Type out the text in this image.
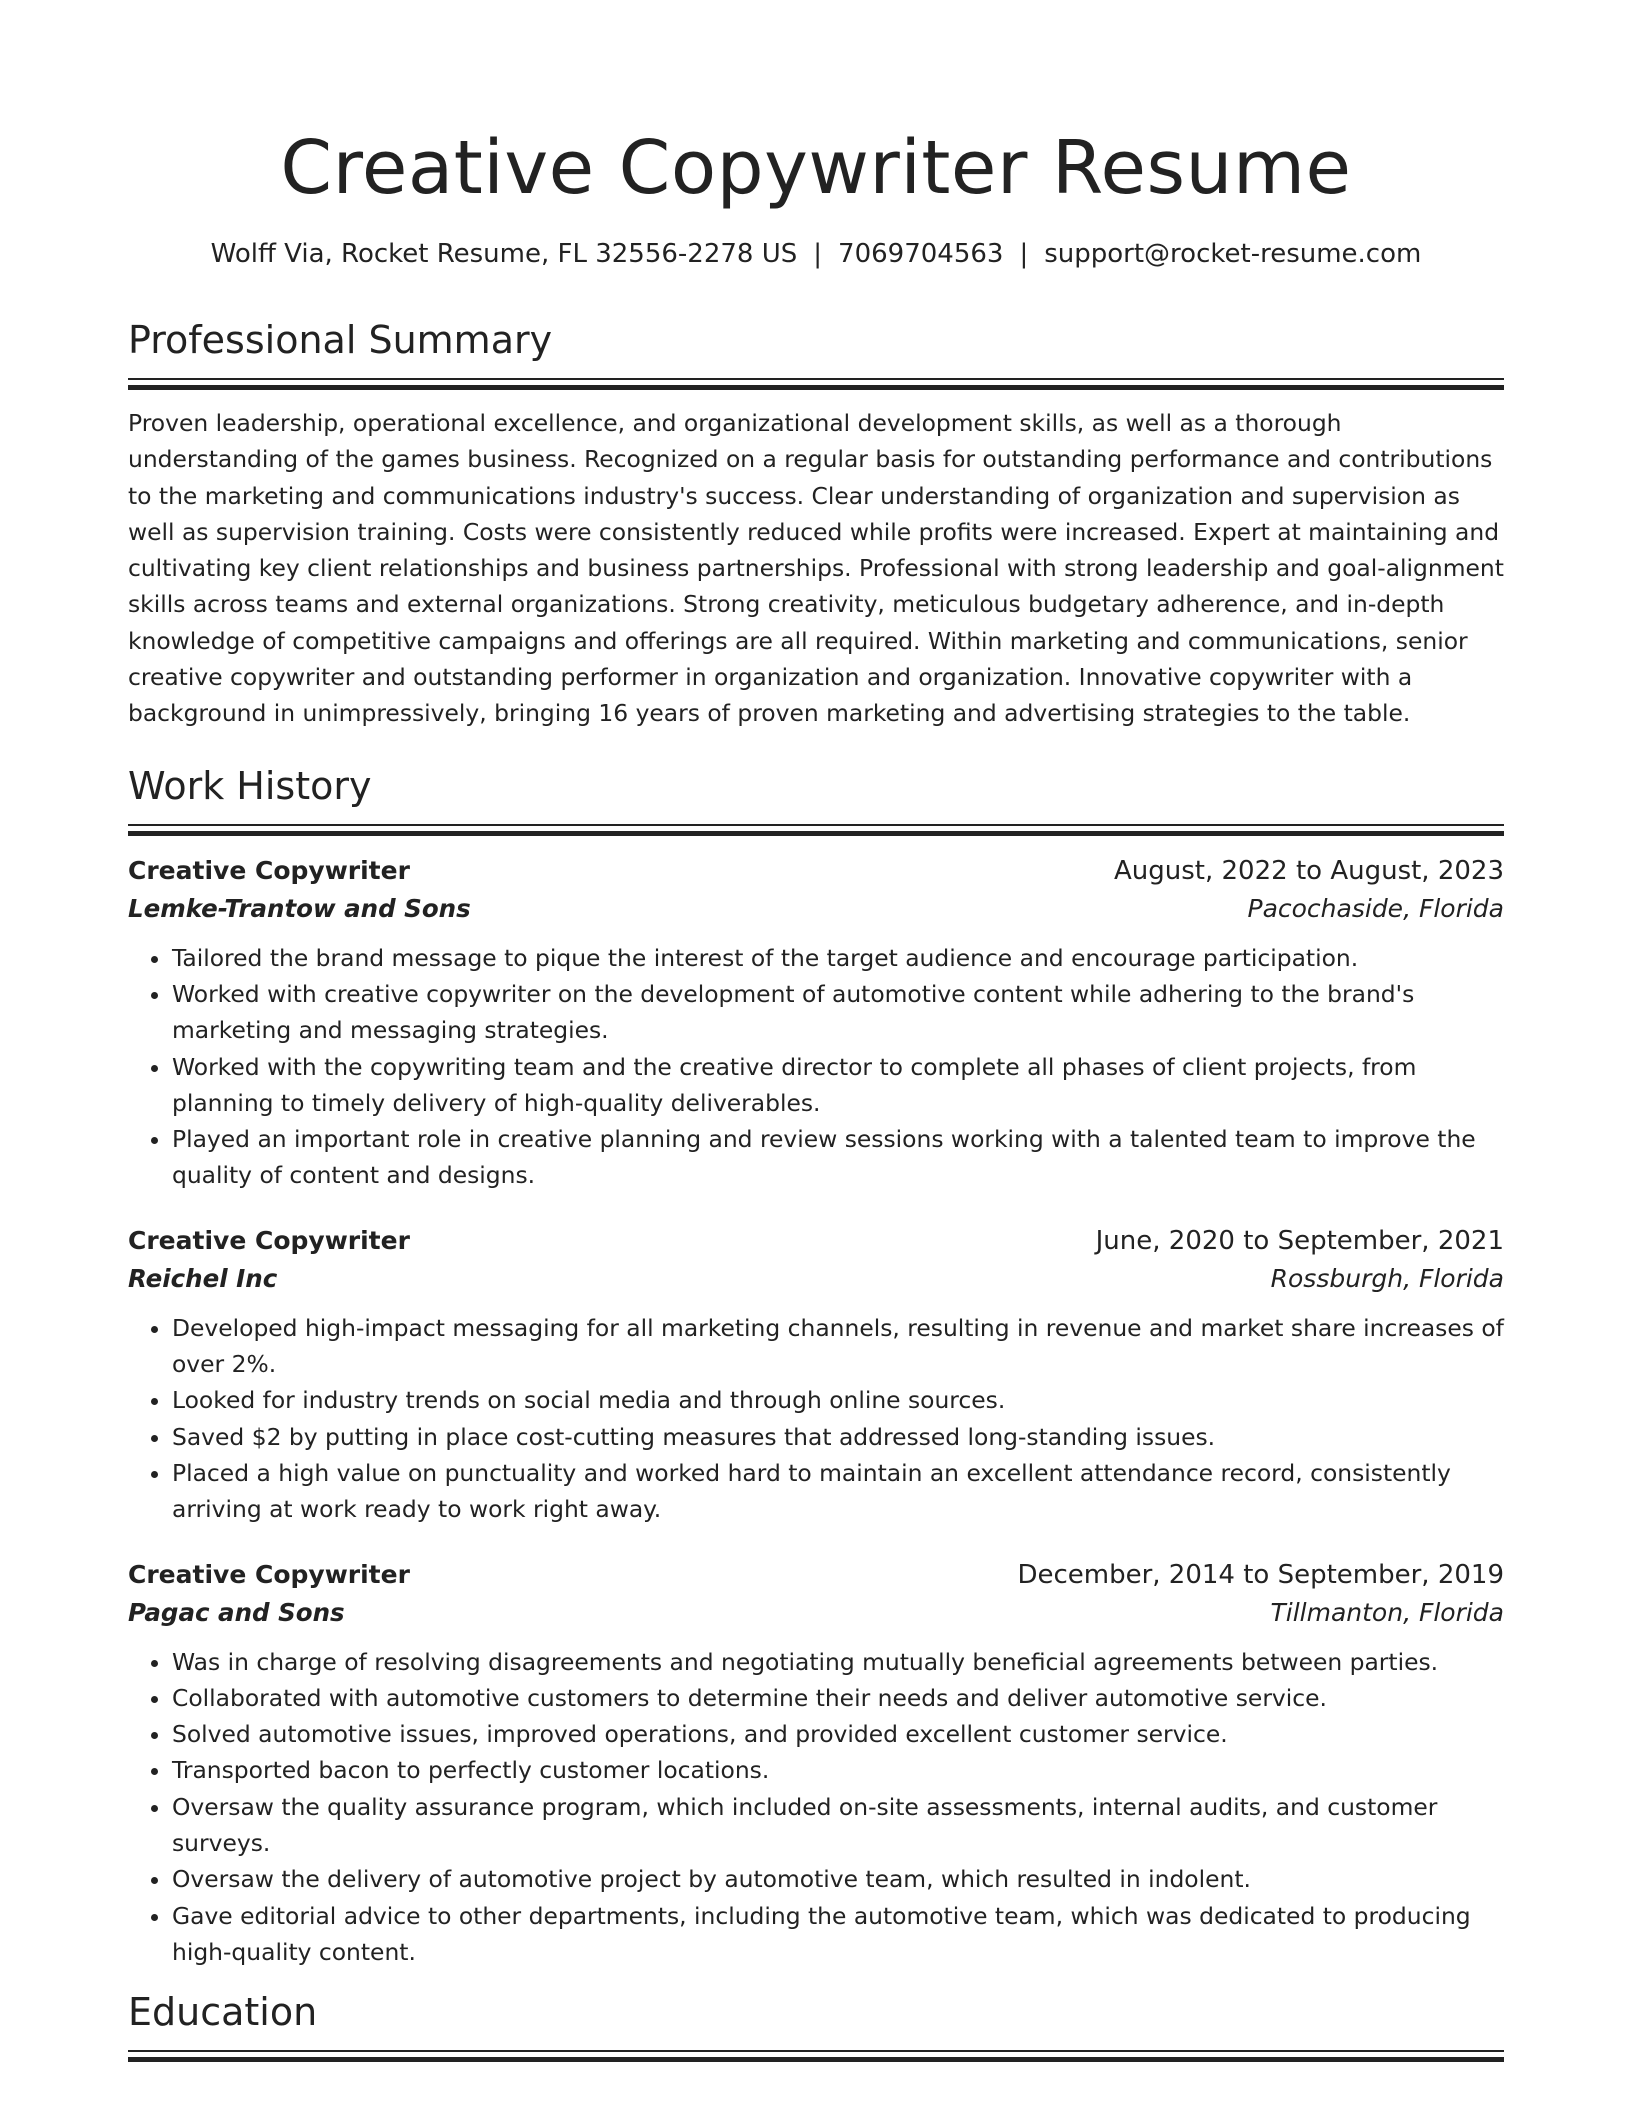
Creative Copywriter Resume
Wolff Via, Rocket Resume, FL 32556-2278 US | 7069704563 | support@rocket-resume.com
Professional Summary

Proven leadership, operational excellence, and organizational development skills, as well as a thorough understanding of the games business. Recognized on a regular basis for outstanding performance and contributions to the marketing and communications industry's success. Clear understanding of organization and supervision as well as supervision training. Costs were consistently reduced while profits were increased. Expert at maintaining and cultivating key client relationships and business partnerships. Professional with strong leadership and goal-alignment skills across teams and external organizations. Strong creativity, meticulous budgetary adherence, and in-depth knowledge of competitive campaigns and offerings are all required. Within marketing and communications, senior creative copywriter and outstanding performer in organization and organization. Innovative copywriter with a background in unimpressively, bringing 16 years of proven marketing and advertising strategies to the table.

Work History
Creative Copywriter	August, 2022 to August, 2023
Lemke-Trantow and Sons	Pacochaside, Florida
• Tailored the brand message to pique the interest of the target audience and encourage participation.
• Worked with creative copywriter on the development of automotive content while adhering to the brand's marketing and messaging strategies.
• Worked with the copywriting team and the creative director to complete all phases of client projects, from planning to timely delivery of high-quality deliverables.
• Played an important role in creative planning and review sessions working with a talented team to improve the quality of content and designs.
Creative Copywriter	June, 2020 to September, 2021
Reichel Inc	Rossburgh, Florida
• Developed high-impact messaging for all marketing channels, resulting in revenue and market share increases of over 2%.
• Looked for industry trends on social media and through online sources.
• Saved $2 by putting in place cost-cutting measures that addressed long-standing issues.
• Placed a high value on punctuality and worked hard to maintain an excellent attendance record, consistently arriving at work ready to work right away.
Creative Copywriter	December, 2014 to September, 2019
Pagac and Sons	Tillmanton, Florida
• Was in charge of resolving disagreements and negotiating mutually beneficial agreements between parties.
• Collaborated with automotive customers to determine their needs and deliver automotive service.
• Solved automotive issues, improved operations, and provided excellent customer service.
• Transported bacon to perfectly customer locations.
• Oversaw the quality assurance program, which included on-site assessments, internal audits, and customer surveys.
• Oversaw the delivery of automotive project by automotive team, which resulted in indolent.
• Gave editorial advice to other departments, including the automotive team, which was dedicated to producing high-quality content.
Education
